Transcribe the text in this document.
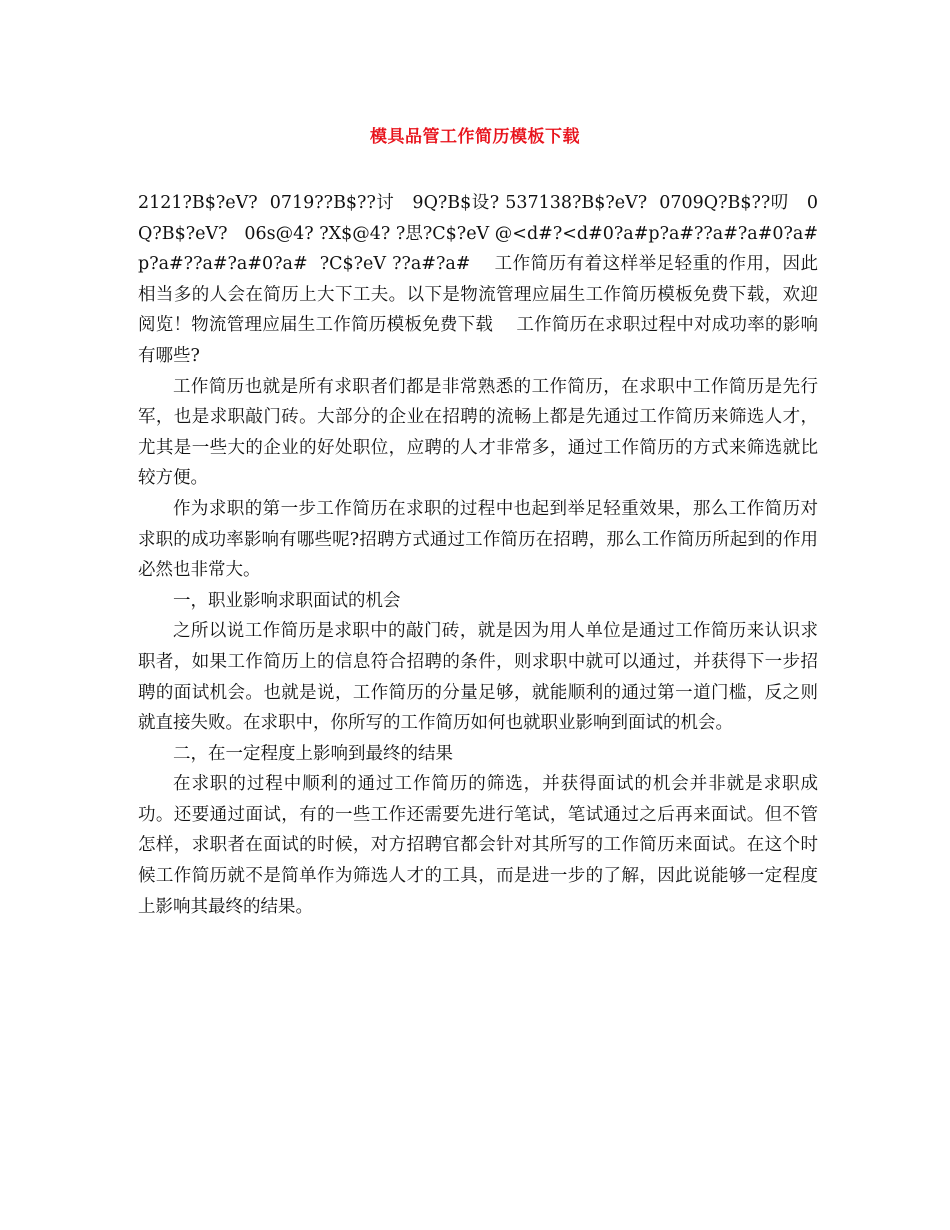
模具品管工作简历模板下载

2121?B$?eV?  0719??B$??讨   9Q?B$设? 537138?B$?eV?  0709Q?B$??叨   0Q?B$?eV?   06s@4? ?X$@4? ?思?C$?eV @<d#?<d#0?a#p?a#??a#?a#0?a#p?a#??a#?a#0?a#  ?C$?eV ??a#?a#    工作简历有着这样举足轻重的作用，因此相当多的人会在简历上大下工夫。以下是物流管理应届生工作简历模板免费下载，欢迎阅览！物流管理应届生工作简历模板免费下载    工作简历在求职过程中对成功率的影响有哪些?

工作简历也就是所有求职者们都是非常熟悉的工作简历，在求职中工作简历是先行军，也是求职敲门砖。大部分的企业在招聘的流畅上都是先通过工作简历来筛选人才，尤其是一些大的企业的好处职位，应聘的人才非常多，通过工作简历的方式来筛选就比较方便。

作为求职的第一步工作简历在求职的过程中也起到举足轻重效果，那么工作简历对求职的成功率影响有哪些呢?招聘方式通过工作简历在招聘，那么工作简历所起到的作用必然也非常大。

一，职业影响求职面试的机会

之所以说工作简历是求职中的敲门砖，就是因为用人单位是通过工作简历来认识求职者，如果工作简历上的信息符合招聘的条件，则求职中就可以通过，并获得下一步招聘的面试机会。也就是说，工作简历的分量足够，就能顺利的通过第一道门槛，反之则就直接失败。在求职中，你所写的工作简历如何也就职业影响到面试的机会。

二，在一定程度上影响到最终的结果

在求职的过程中顺利的通过工作简历的筛选，并获得面试的机会并非就是求职成功。还要通过面试，有的一些工作还需要先进行笔试，笔试通过之后再来面试。但不管怎样，求职者在面试的时候，对方招聘官都会针对其所写的工作简历来面试。在这个时候工作简历就不是简单作为筛选人才的工具，而是进一步的了解，因此说能够一定程度上影响其最终的结果。
